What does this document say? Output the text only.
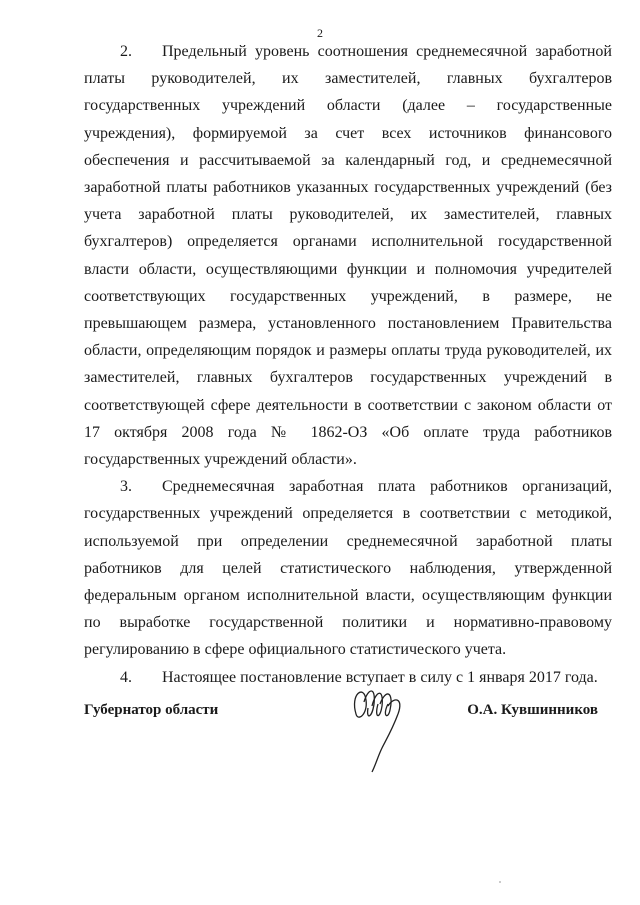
2

2. Предельный уровень соотношения среднемесячной заработной платы руководителей, их заместителей, главных бухгалтеров государственных учреждений области (далее – государственные учреждения), формируемой за счет всех источников финансового обеспечения и рассчитываемой за календарный год, и среднемесячной заработной платы работников указанных государственных учреждений (без учета заработной платы руководителей, их заместителей, главных бухгалтеров) определяется органами исполнительной государственной власти области, осуществляющими функции и полномочия учредителей соответствующих государственных учреждений, в размере, не превышающем размера, установленного постановлением Правительства области, определяющим порядок и размеры оплаты труда руководителей, их заместителей, главных бухгалтеров государственных учреждений в соответствующей сфере деятельности в соответствии с законом области от 17 октября 2008 года № 1862-ОЗ «Об оплате труда работников государственных учреждений области».

3. Среднемесячная заработная плата работников организаций, государственных учреждений определяется в соответствии с методикой, используемой при определении среднемесячной заработной платы работников для целей статистического наблюдения, утвержденной федеральным органом исполнительной власти, осуществляющим функции по выработке государственной политики и нормативно-правовому регулированию в сфере официального статистического учета.

4. Настоящее постановление вступает в силу с 1 января 2017 года.

Губернатор области	О.А. Кувшинников
